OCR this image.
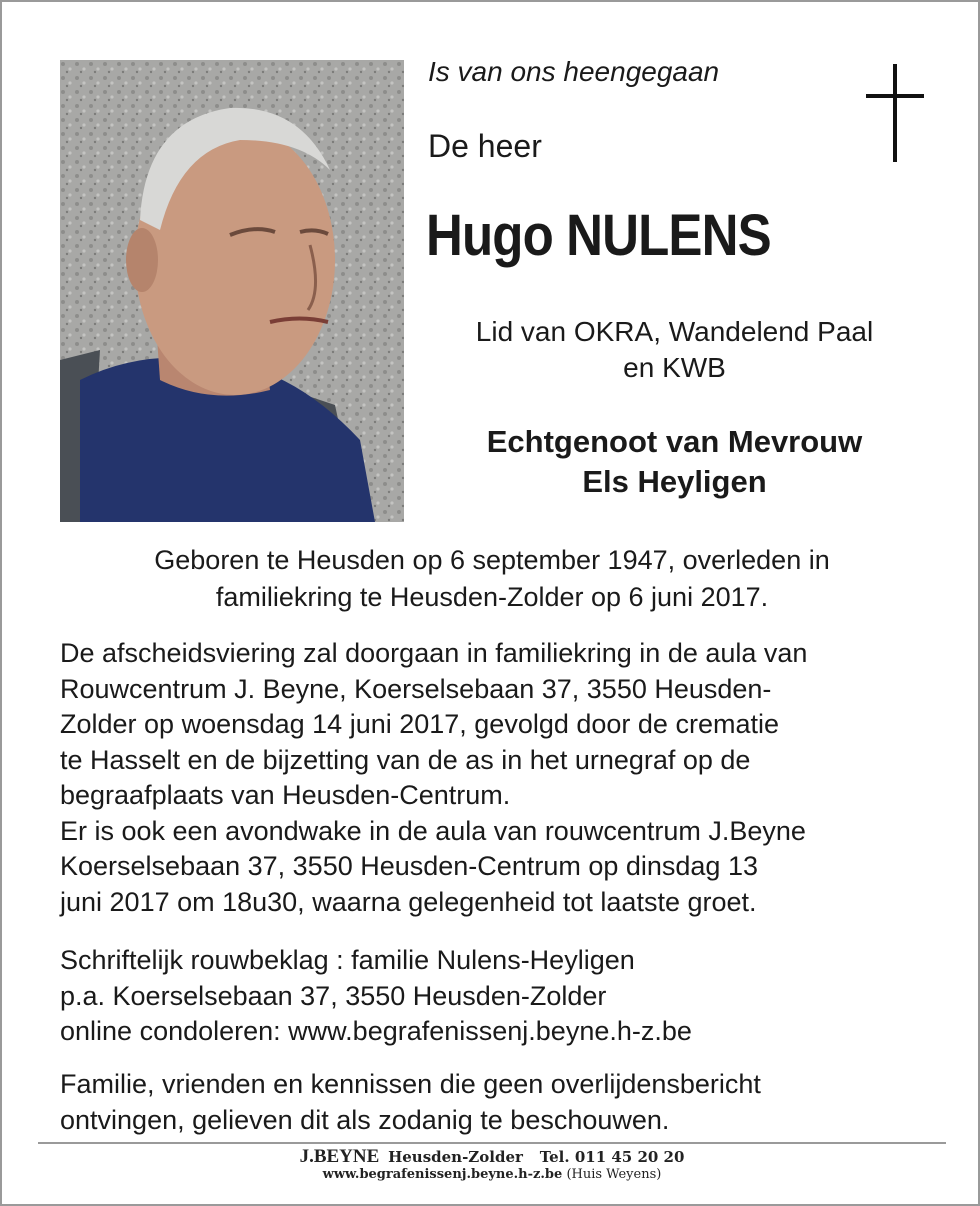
Is van ons heengegaan

De heer

Hugo NULENS

Lid van OKRA, Wandelend Paal
en KWB

Echtgenoot van Mevrouw
Els Heyligen

Geboren te Heusden op 6 september 1947, overleden in
familiekring te Heusden-Zolder op 6 juni 2017.

De afscheidsviering zal doorgaan in familiekring in de aula van
Rouwcentrum J. Beyne, Koerselsebaan 37, 3550 Heusden-
Zolder op woensdag 14 juni 2017, gevolgd door de crematie
te Hasselt en de bijzetting van de as in het urnegraf op de
begraafplaats van Heusden-Centrum.
Er is ook een avondwake in de aula van rouwcentrum J.Beyne
Koerselsebaan 37, 3550 Heusden-Centrum op dinsdag 13
juni 2017 om 18u30, waarna gelegenheid tot laatste groet.

Schriftelijk rouwbeklag : familie Nulens-Heyligen
p.a. Koerselsebaan 37, 3550 Heusden-Zolder
online condoleren: www.begrafenissenj.beyne.h-z.be

Familie, vrienden en kennissen die geen overlijdensbericht
ontvingen, gelieven dit als zodanig te beschouwen.

J.BEYNE Heusden-Zolder Tel. 011 45 20 20
www.begrafenissenj.beyne.h-z.be (Huis Weyens)
